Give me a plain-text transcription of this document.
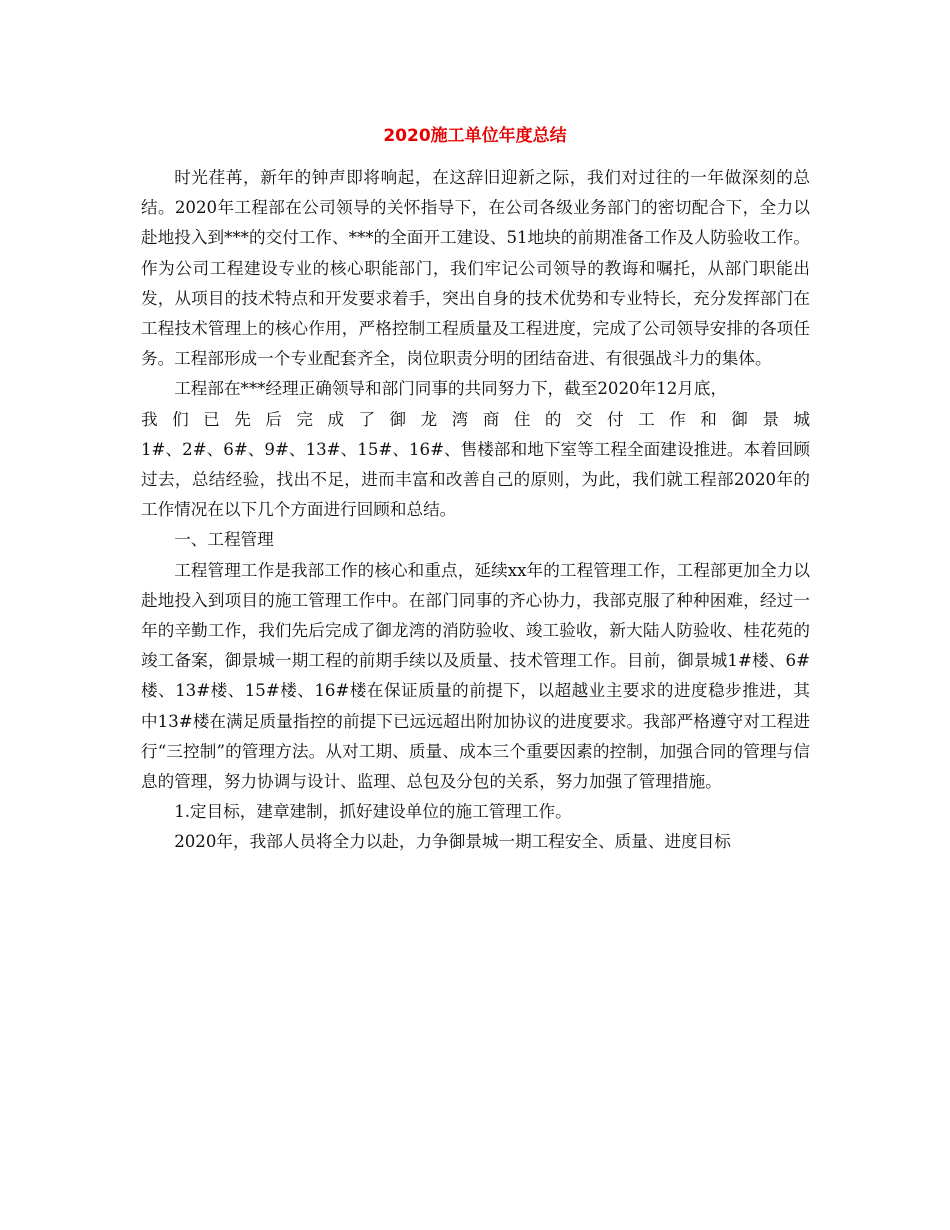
2020施工单位年度总结

时光荏苒，新年的钟声即将响起，在这辞旧迎新之际，我们对过往的一年做深刻的总结。2020年工程部在公司领导的关怀指导下，在公司各级业务部门的密切配合下，全力以赴地投入到***的交付工作、***的全面开工建设、51地块的前期准备工作及人防验收工作。作为公司工程建设专业的核心职能部门，我们牢记公司领导的教诲和嘱托，从部门职能出发，从项目的技术特点和开发要求着手，突出自身的技术优势和专业特长，充分发挥部门在工程技术管理上的核心作用，严格控制工程质量及工程进度，完成了公司领导安排的各项任务。工程部形成一个专业配套齐全，岗位职责分明的团结奋进、有很强战斗力的集体。

工程部在***经理正确领导和部门同事的共同努力下，截至2020年12月底，
我们已先后完成了御龙湾商住的交付工作和御景城
1#、2#、6#、9#、13#、15#、16#、售楼部和地下室等工程全面建设推进。本着回顾过去，总结经验，找出不足，进而丰富和改善自己的原则，为此，我们就工程部2020年的工作情况在以下几个方面进行回顾和总结。

一、工程管理

工程管理工作是我部工作的核心和重点，延续xx年的工程管理工作，工程部更加全力以赴地投入到项目的施工管理工作中。在部门同事的齐心协力，我部克服了种种困难，经过一年的辛勤工作，我们先后完成了御龙湾的消防验收、竣工验收，新大陆人防验收、桂花苑的竣工备案，御景城一期工程的前期手续以及质量、技术管理工作。目前，御景城1#楼、6#楼、13#楼、15#楼、16#楼在保证质量的前提下，以超越业主要求的进度稳步推进，其中13#楼在满足质量指控的前提下已远远超出附加协议的进度要求。我部严格遵守对工程进行“三控制”的管理方法。从对工期、质量、成本三个重要因素的控制，加强合同的管理与信息的管理，努力协调与设计、监理、总包及分包的关系，努力加强了管理措施。

1.定目标，建章建制，抓好建设单位的施工管理工作。

2020年，我部人员将全力以赴，力争御景城一期工程安全、质量、进度目标
